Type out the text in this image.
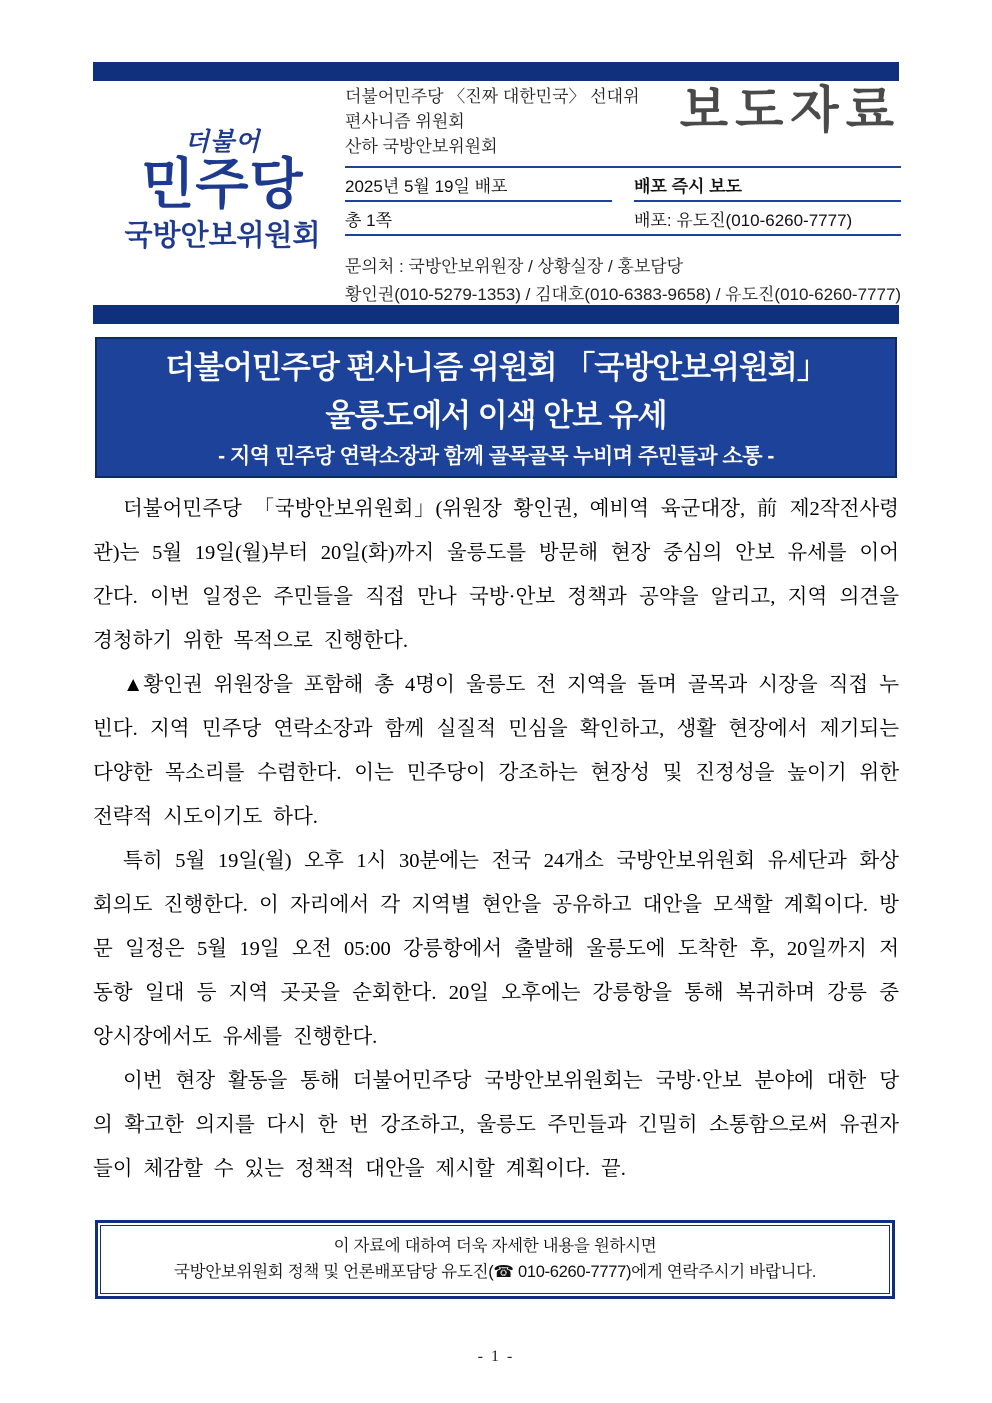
더불어
민주당
국방안보위원회
더불어민주당 〈진짜 대한민국〉 선대위
편사니즘 위원회
산하 국방안보위원회
보도자료
2025년 5월 19일 배포	배포 즉시 보도
총 1쪽	배포: 유도진(010-6260-7777)
문의처 : 국방안보위원장 / 상황실장 / 홍보담당
황인권(010-5279-1353) / 김대호(010-6383-9658) / 유도진(010-6260-7777)
더불어민주당 편사니즘 위원회 「국방안보위원회」
울릉도에서 이색 안보 유세
- 지역 민주당 연락소장과 함께 골목골목 누비며 주민들과 소통 -

더불어민주당 「국방안보위원회」(위원장 황인권, 예비역 육군대장, 前 제2작전사령관)는 5월 19일(월)부터 20일(화)까지 울릉도를 방문해 현장 중심의 안보 유세를 이어간다. 이번 일정은 주민들을 직접 만나 국방·안보 정책과 공약을 알리고, 지역 의견을 경청하기 위한 목적으로 진행한다.

▲황인권 위원장을 포함해 총 4명이 울릉도 전 지역을 돌며 골목과 시장을 직접 누빈다. 지역 민주당 연락소장과 함께 실질적 민심을 확인하고, 생활 현장에서 제기되는 다양한 목소리를 수렴한다. 이는 민주당이 강조하는 현장성 및 진정성을 높이기 위한 전략적 시도이기도 하다.

특히 5월 19일(월) 오후 1시 30분에는 전국 24개소 국방안보위원회 유세단과 화상회의도 진행한다. 이 자리에서 각 지역별 현안을 공유하고 대안을 모색할 계획이다. 방문 일정은 5월 19일 오전 05:00 강릉항에서 출발해 울릉도에 도착한 후, 20일까지 저동항 일대 등 지역 곳곳을 순회한다. 20일 오후에는 강릉항을 통해 복귀하며 강릉 중앙시장에서도 유세를 진행한다.

이번 현장 활동을 통해 더불어민주당 국방안보위원회는 국방·안보 분야에 대한 당의 확고한 의지를 다시 한 번 강조하고, 울릉도 주민들과 긴밀히 소통함으로써 유권자들이 체감할 수 있는 정책적 대안을 제시할 계획이다. 끝.

이 자료에 대하여 더욱 자세한 내용을 원하시면
국방안보위원회 정책 및 언론배포담당 유도진(☎ 010-6260-7777)에게 연락주시기 바랍니다.
- 1 -
